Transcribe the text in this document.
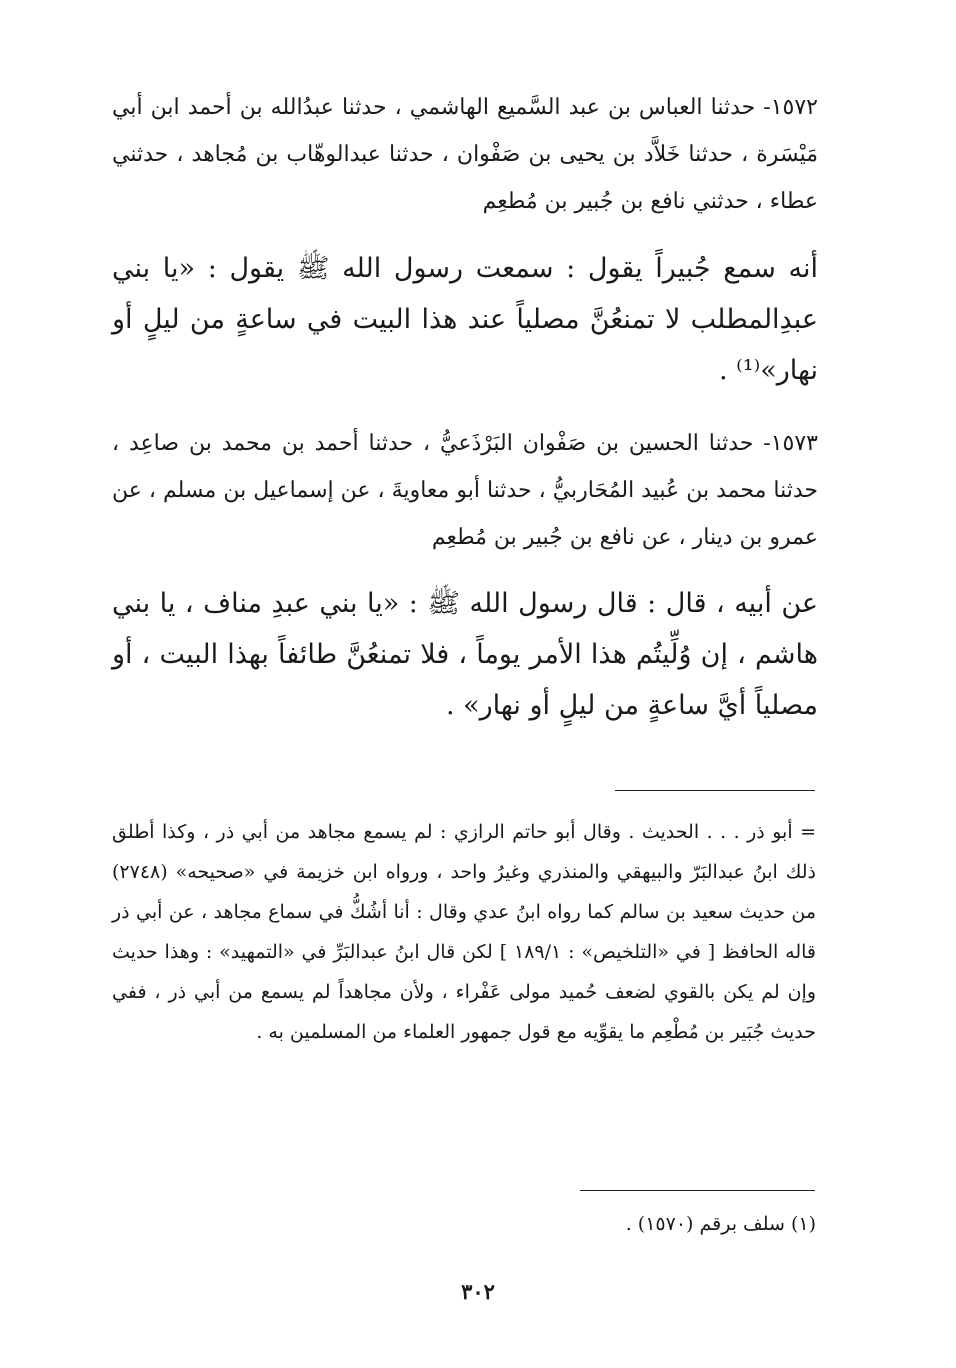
١٥٧٢- حدثنا العباس بن عبد السَّميع الهاشمي ، حدثنا عبدُالله بن أحمد ابن أبي مَيْسَرة ، حدثنا خَلاَّد بن يحيى بن صَفْوان ، حدثنا عبدالوهّاب بن مُجاهد ، حدثني عطاء ، حدثني نافع بن جُبير بن مُطعِم

أنه سمع جُبيراً يقول : سمعت رسول الله ﷺ يقول : «يا بني عبدِالمطلب لا تمنعُنَّ مصلياً عند هذا البيت في ساعةٍ من ليلٍ أو نهار»⁽¹⁾ .

١٥٧٣- حدثنا الحسين بن صَفْوان البَرْذَعيُّ ، حدثنا أحمد بن محمد بن صاعِد ، حدثنا محمد بن عُبيد المُحَاربيُّ ، حدثنا أبو معاويةَ ، عن إسماعيل بن مسلم ، عن عمرو بن دينار ، عن نافع بن جُبير بن مُطعِم

عن أبيه ، قال : قال رسول الله ﷺ : «يا بني عبدِ مناف ، يا بني هاشم ، إن وُلِّيتُم هذا الأمر يوماً ، فلا تمنعُنَّ طائفاً بهذا البيت ، أو مصلياً أيَّ ساعةٍ من ليلٍ أو نهار» .

= أبو ذر . . . الحديث . وقال أبو حاتم الرازي : لم يسمع مجاهد من أبي ذر ، وكذا أطلق ذلك ابنُ عبدالبَرّ والبيهقي والمنذري وغيرُ واحد ، ورواه ابن خزيمة في «صحيحه» (٢٧٤٨) من حديث سعيد بن سالم كما رواه ابنُ عدي وقال : أنا أشُكُّ في سماع مجاهد ، عن أبي ذر قاله الحافظ [ في «التلخيص» : ١٨٩/١ ] لكن قال ابنُ عبدالبَرِّ في «التمهيد» : وهذا حديث وإن لم يكن بالقوي لضعف حُميد مولى عَفْراء ، ولأن مجاهداً لم يسمع من أبي ذر ، ففي حديث جُبَير بن مُطْعِم ما يقوِّيه مع قول جمهور العلماء من المسلمين به .

(١) سلف برقم (١٥٧٠) .

٣٠٢
